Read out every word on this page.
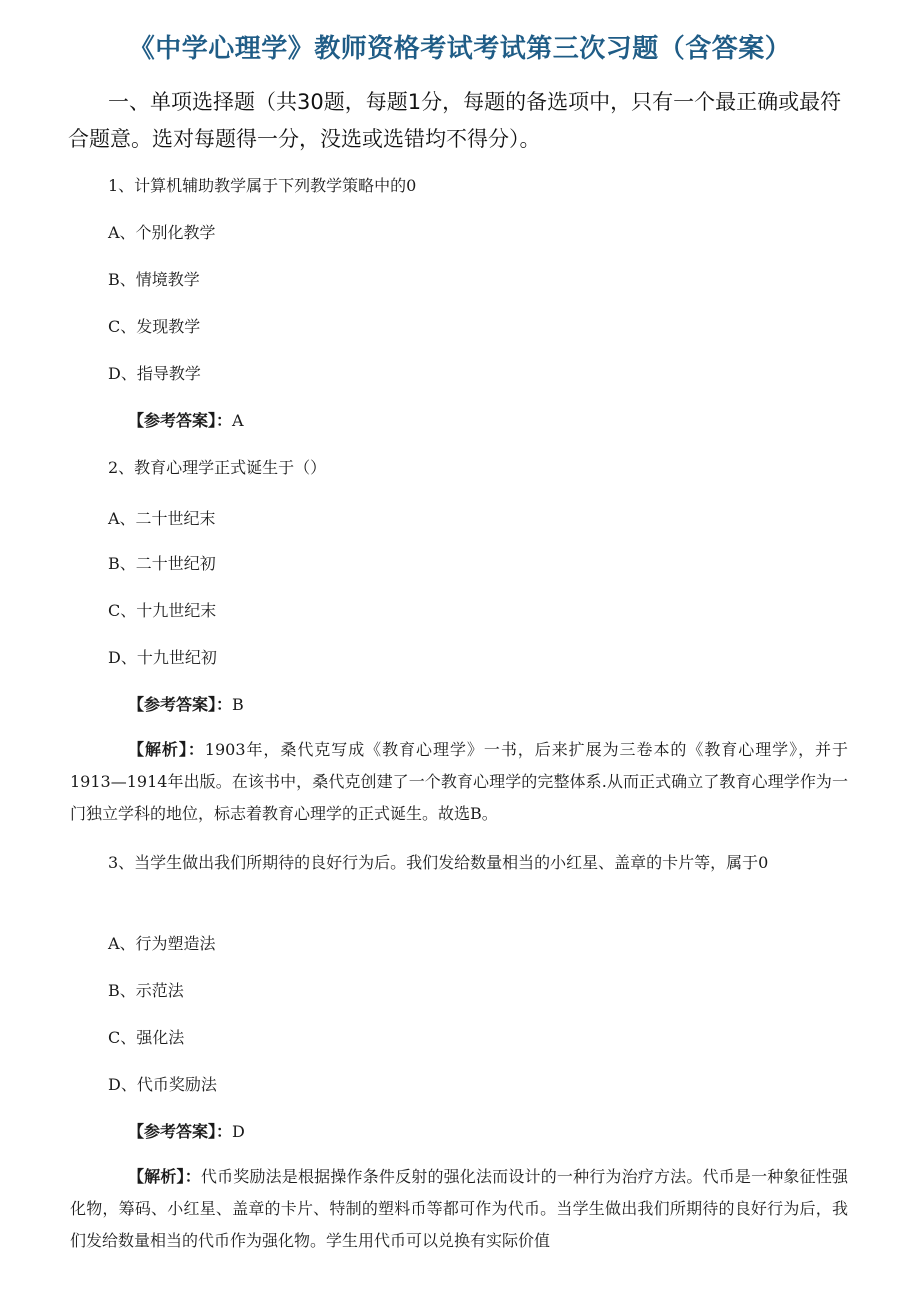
《中学心理学》教师资格考试考试第三次习题（含答案）

一、单项选择题（共30题，每题1分，每题的备选项中，只有一个最正确或最符合题意。选对每题得一分，没选或选错均不得分）。

1、计算机辅助教学属于下列教学策略中的0
A、个别化教学
B、情境教学
C、发现教学
D、指导教学
【参考答案】：A
2、教育心理学正式诞生于（）
A、二十世纪末
B、二十世纪初
C、十九世纪末
D、十九世纪初
【参考答案】：B

【解析】：1903年，桑代克写成《教育心理学》一书，后来扩展为三卷本的《教育心理学》，并于1913—1914年出版。在该书中，桑代克创建了一个教育心理学的完整体系.从而正式确立了教育心理学作为一门独立学科的地位，标志着教育心理学的正式诞生。故选B。

3、当学生做出我们所期待的良好行为后。我们发给数量相当的小红星、盖章的卡片等，属于0

A、行为塑造法
B、示范法
C、强化法
D、代币奖励法
【参考答案】：D

【解析】：代币奖励法是根据操作条件反射的强化法而设计的一种行为治疗方法。代币是一种象征性强化物，筹码、小红星、盖章的卡片、特制的塑料币等都可作为代币。当学生做出我们所期待的良好行为后，我们发给数量相当的代币作为强化物。学生用代币可以兑换有实际价值
